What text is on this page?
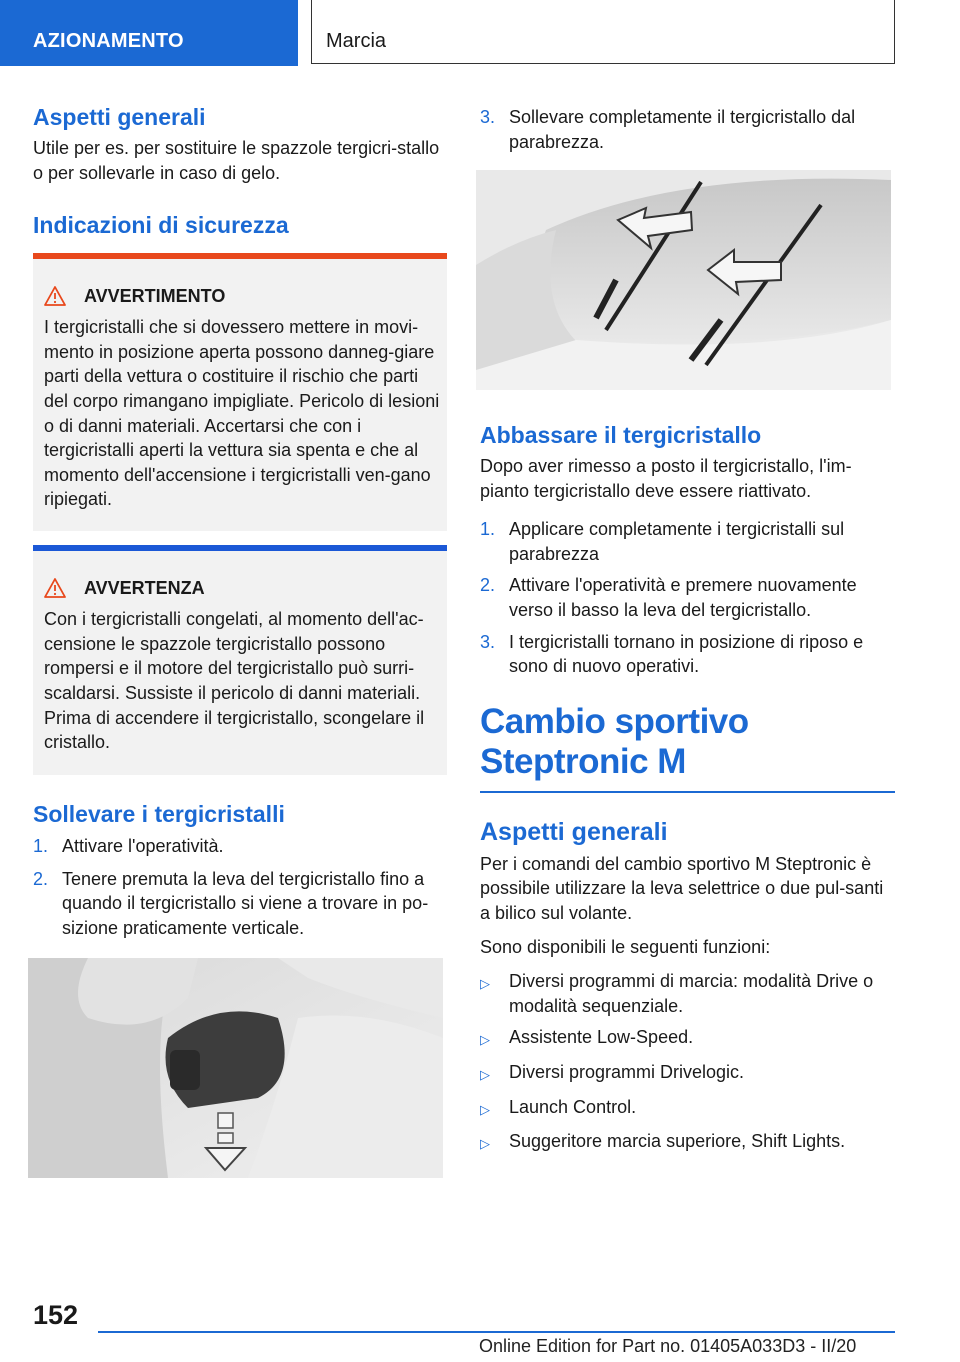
AZIONAMENTO	Marcia
Aspetti generali
Utile per es. per sostituire le spazzole tergicri-stallo o per sollevarle in caso di gelo.
Indicazioni di sicurezza
AVVERTIMENTO
I tergicristalli che si dovessero mettere in movi-mento in posizione aperta possono danneg-giare parti della vettura o costituire il rischio che parti del corpo rimangano impigliate. Pericolo di lesioni o di danni materiali. Accertarsi che con i tergicristalli aperti la vettura sia spenta e che al momento dell'accensione i tergicristalli ven-gano ripiegati.
AVVERTENZA
Con i tergicristalli congelati, al momento dell'ac-censione le spazzole tergicristallo possono rompersi e il motore del tergicristallo può surri-scaldarsi. Sussiste il pericolo di danni materiali. Prima di accendere il tergicristallo, scongelare il cristallo.
Sollevare i tergicristalli
1. Attivare l'operatività.
2. Tenere premuta la leva del tergicristallo fino a quando il tergicristallo si viene a trovare in po-sizione praticamente verticale.
3. Sollevare completamente il tergicristallo dal parabrezza.
Abbassare il tergicristallo
Dopo aver rimesso a posto il tergicristallo, l'im-pianto tergicristallo deve essere riattivato.
1. Applicare completamente i tergicristalli sul parabrezza
2. Attivare l'operatività e premere nuovamente verso il basso la leva del tergicristallo.
3. I tergicristalli tornano in posizione di riposo e sono di nuovo operativi.
Cambio sportivo Steptronic M
Aspetti generali
Per i comandi del cambio sportivo M Steptronic è possibile utilizzare la leva selettrice o due pul-santi a bilico sul volante.
Sono disponibili le seguenti funzioni:
▷	Diversi programmi di marcia: modalità Drive o modalità sequenziale.
▷	Assistente Low-Speed.
▷	Diversi programmi Drivelogic.
▷	Launch Control.
▷	Suggeritore marcia superiore, Shift Lights.
152
Online Edition for Part no. 01405A033D3 - II/20
